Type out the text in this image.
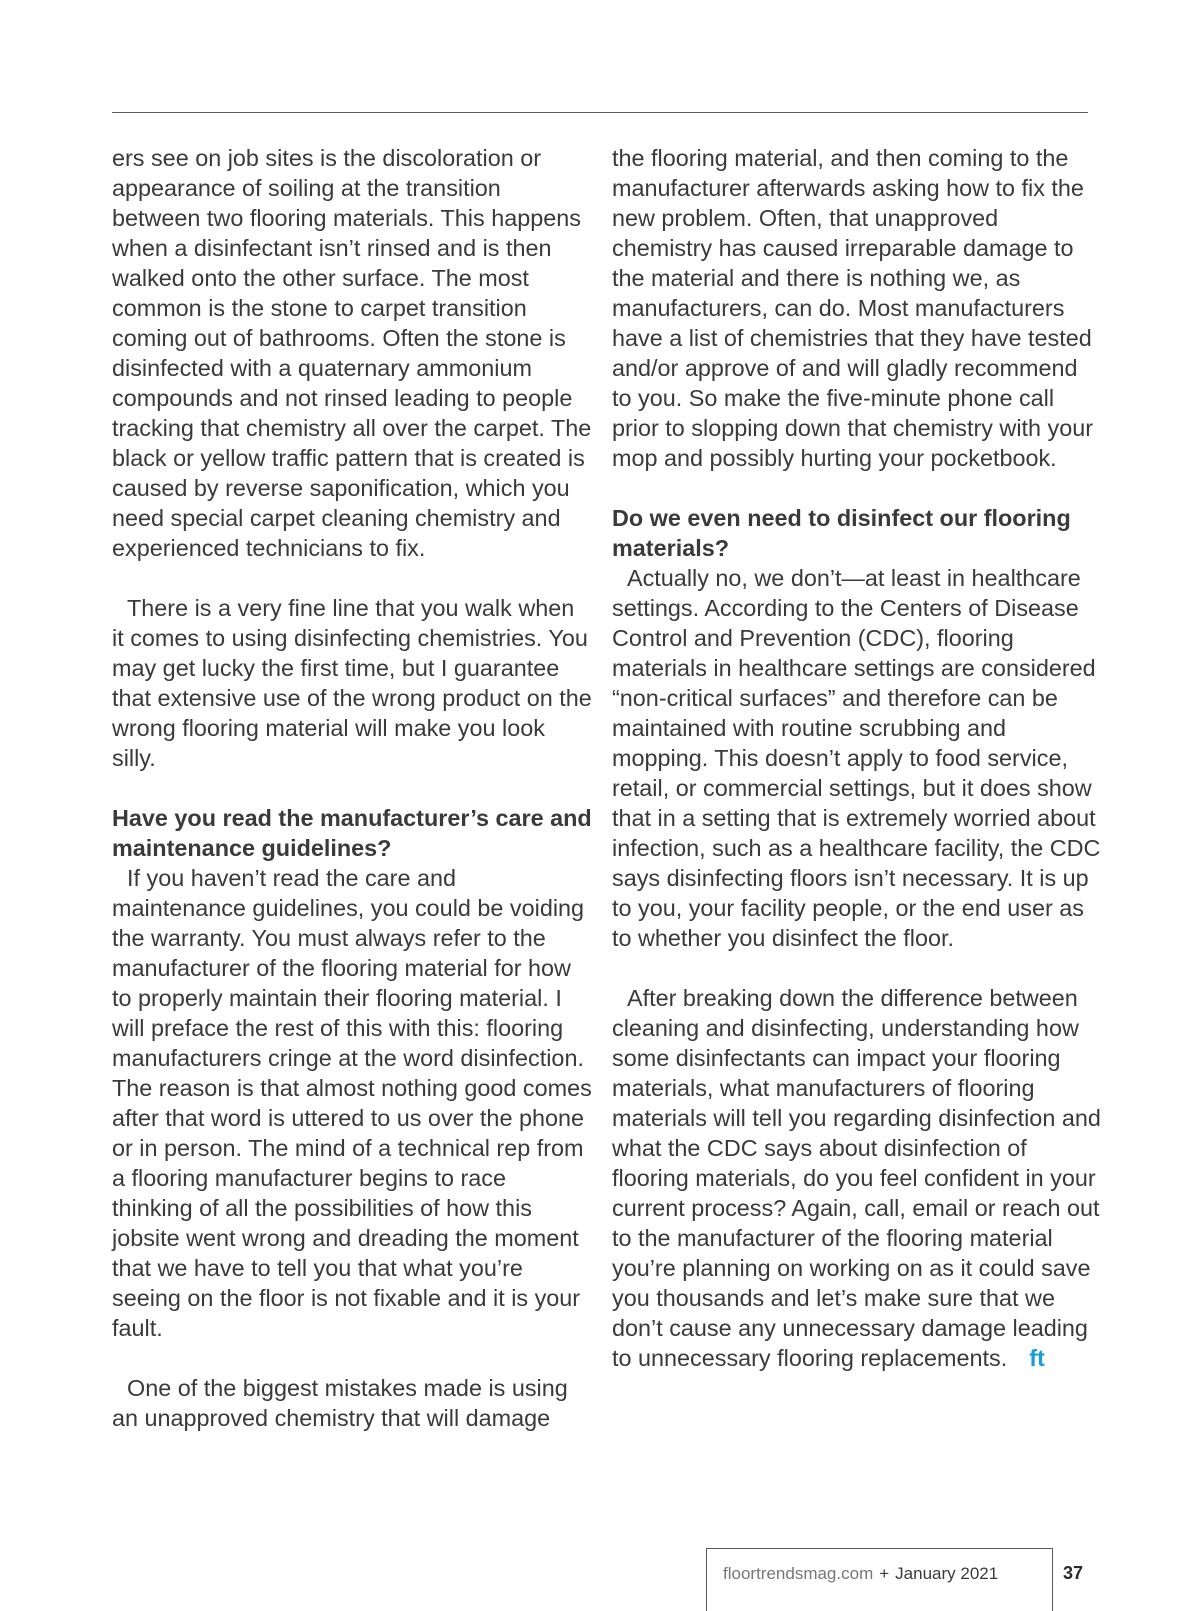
ers see on job sites is the discoloration or appearance of soiling at the transition between two flooring materials. This happens when a disinfectant isn’t rinsed and is then walked onto the other surface. The most common is the stone to carpet transition coming out of bathrooms. Often the stone is disinfected with a quaternary ammonium compounds and not rinsed leading to people tracking that chemistry all over the carpet. The black or yellow traffic pattern that is created is caused by reverse saponification, which you need special carpet cleaning chemistry and experienced technicians to fix.

There is a very fine line that you walk when it comes to using disinfecting chemistries. You may get lucky the first time, but I guarantee that extensive use of the wrong product on the wrong flooring material will make you look silly.

Have you read the manufacturer’s care and maintenance guidelines?

If you haven’t read the care and maintenance guidelines, you could be voiding the warranty. You must always refer to the manufacturer of the flooring material for how to properly maintain their flooring material. I will preface the rest of this with this: flooring manufacturers cringe at the word disinfection. The reason is that almost nothing good comes after that word is uttered to us over the phone or in person. The mind of a technical rep from a flooring manufacturer begins to race thinking of all the possibilities of how this jobsite went wrong and dreading the moment that we have to tell you that what you’re seeing on the floor is not fixable and it is your fault.

One of the biggest mistakes made is using an unapproved chemistry that will damage

the flooring material, and then coming to the manufacturer afterwards asking how to fix the new problem. Often, that unapproved chemistry has caused irreparable damage to the material and there is nothing we, as manufacturers, can do. Most manufacturers have a list of chemistries that they have tested and/or approve of and will gladly recommend to you. So make the five-minute phone call prior to slopping down that chemistry with your mop and possibly hurting your pocketbook.

Do we even need to disinfect our flooring materials?

Actually no, we don’t—at least in healthcare settings. According to the Centers of Disease Control and Prevention (CDC), flooring materials in healthcare settings are considered “non-critical surfaces” and therefore can be maintained with routine scrubbing and mopping. This doesn’t apply to food service, retail, or commercial settings, but it does show that in a setting that is extremely worried about infection, such as a healthcare facility, the CDC says disinfecting floors isn’t necessary. It is up to you, your facility people, or the end user as to whether you disinfect the floor.

After breaking down the difference between cleaning and disinfecting, understanding how some disinfectants can impact your flooring materials, what manufacturers of flooring materials will tell you regarding disinfection and what the CDC says about disinfection of flooring materials, do you feel confident in your current process? Again, call, email or reach out to the manufacturer of the flooring material you’re planning on working on as it could save you thousands and let’s make sure that we don’t cause any unnecessary damage leading to unnecessary flooring replacements. ft

floortrendsmag.com + January 2021	37
